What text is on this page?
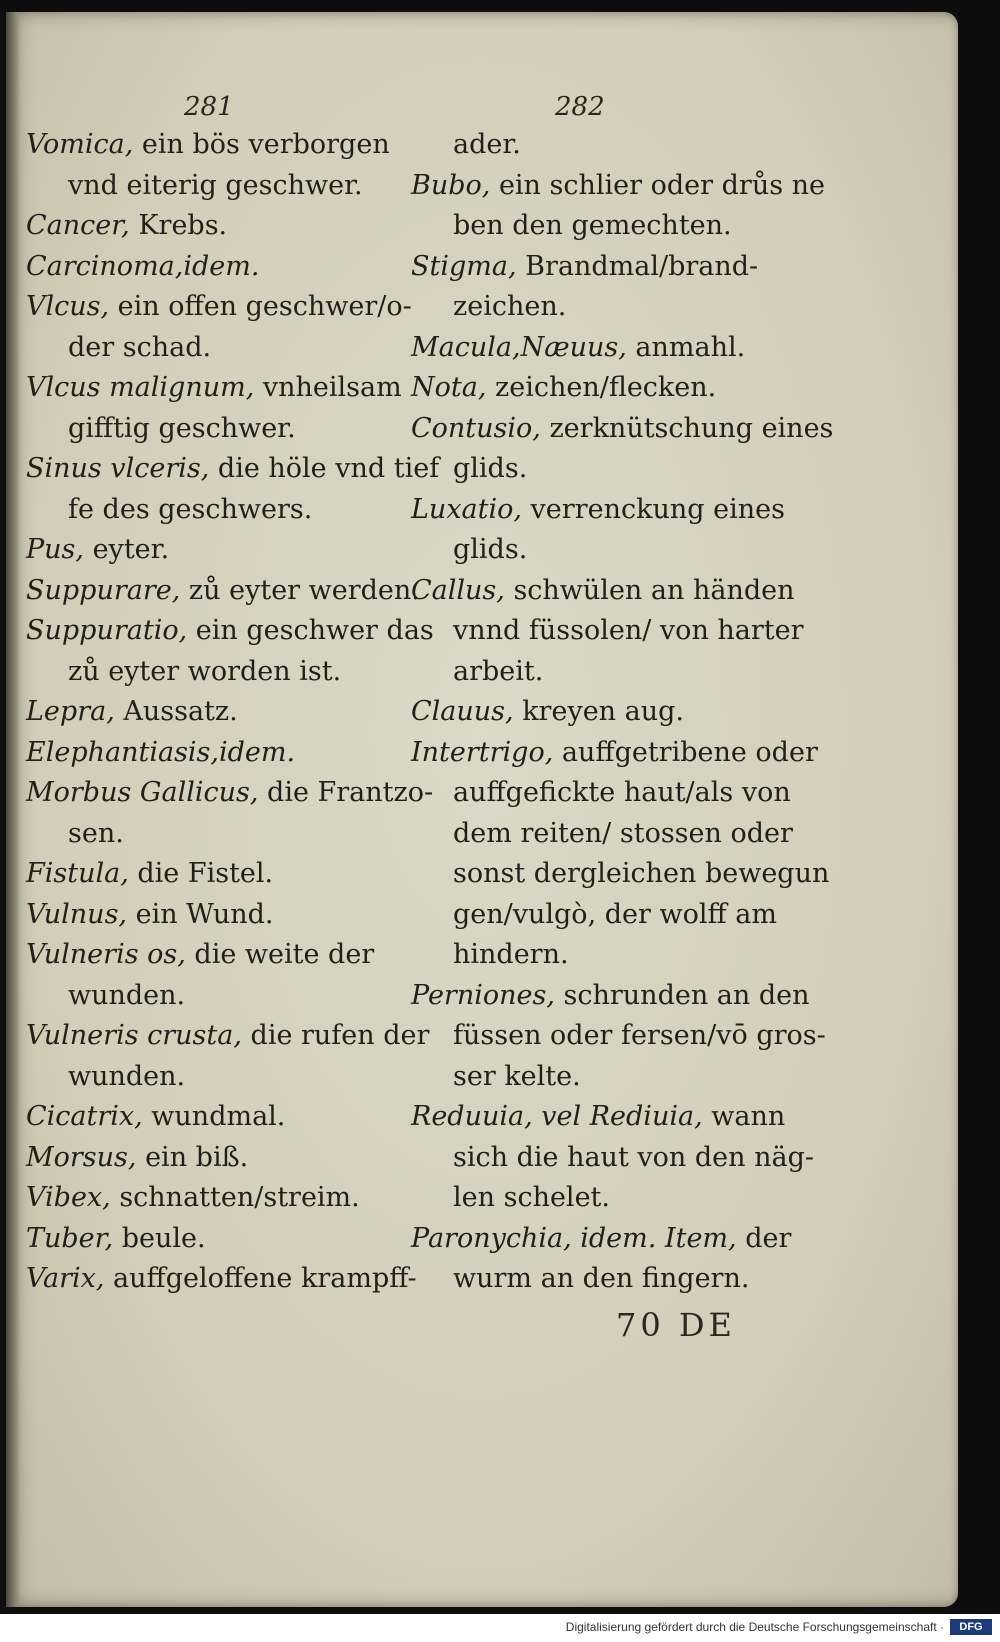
281
Vomica, ein bös verborgen
vnd eiterig geschwer.
Cancer, Krebs.
Carcinoma,idem.
Vlcus, ein offen geschwer/o-
der schad.
Vlcus malignum, vnheilsam
gifftig geschwer.
Sinus vlceris, die höle vnd tief
fe des geschwers.
Pus, eyter.
Suppurare, zů eyter werden.
Suppuratio, ein geschwer das
zů eyter worden ist.
Lepra, Aussatz.
Elephantiasis,idem.
Morbus Gallicus, die Frantzo-
sen.
Fistula, die Fistel.
Vulnus, ein Wund.
Vulneris os, die weite der
wunden.
Vulneris crusta, die rufen der
wunden.
Cicatrix, wundmal.
Morsus, ein biß.
Vibex, schnatten/streim.
Tuber, beule.
Varix, auffgeloffene krampff-
282
ader.
Bubo, ein schlier oder drůs ne
ben den gemechten.
Stigma, Brandmal/brand-
zeichen.
Macula,Næuus, anmahl.
Nota, zeichen/flecken.
Contusio, zerknütschung eines
glids.
Luxatio, verrenckung eines
glids.
Callus, schwülen an händen
vnnd füssolen/ von harter
arbeit.
Clauus, kreyen aug.
Intertrigo, auffgetribene oder
auffgefickte haut/als von
dem reiten/ stossen oder
sonst dergleichen bewegun
gen/vulgò, der wolff am
hindern.
Perniones, schrunden an den
füssen oder fersen/vō gros-
ser kelte.
Reduuia, vel Rediuia, wann
sich die haut von den näg-
len schelet.
Paronychia, idem. Item, der
wurm an den fingern.
70 DE
Digitalisierung gefördert durch die Deutsche Forschungsgemeinschaft ·	DFG
